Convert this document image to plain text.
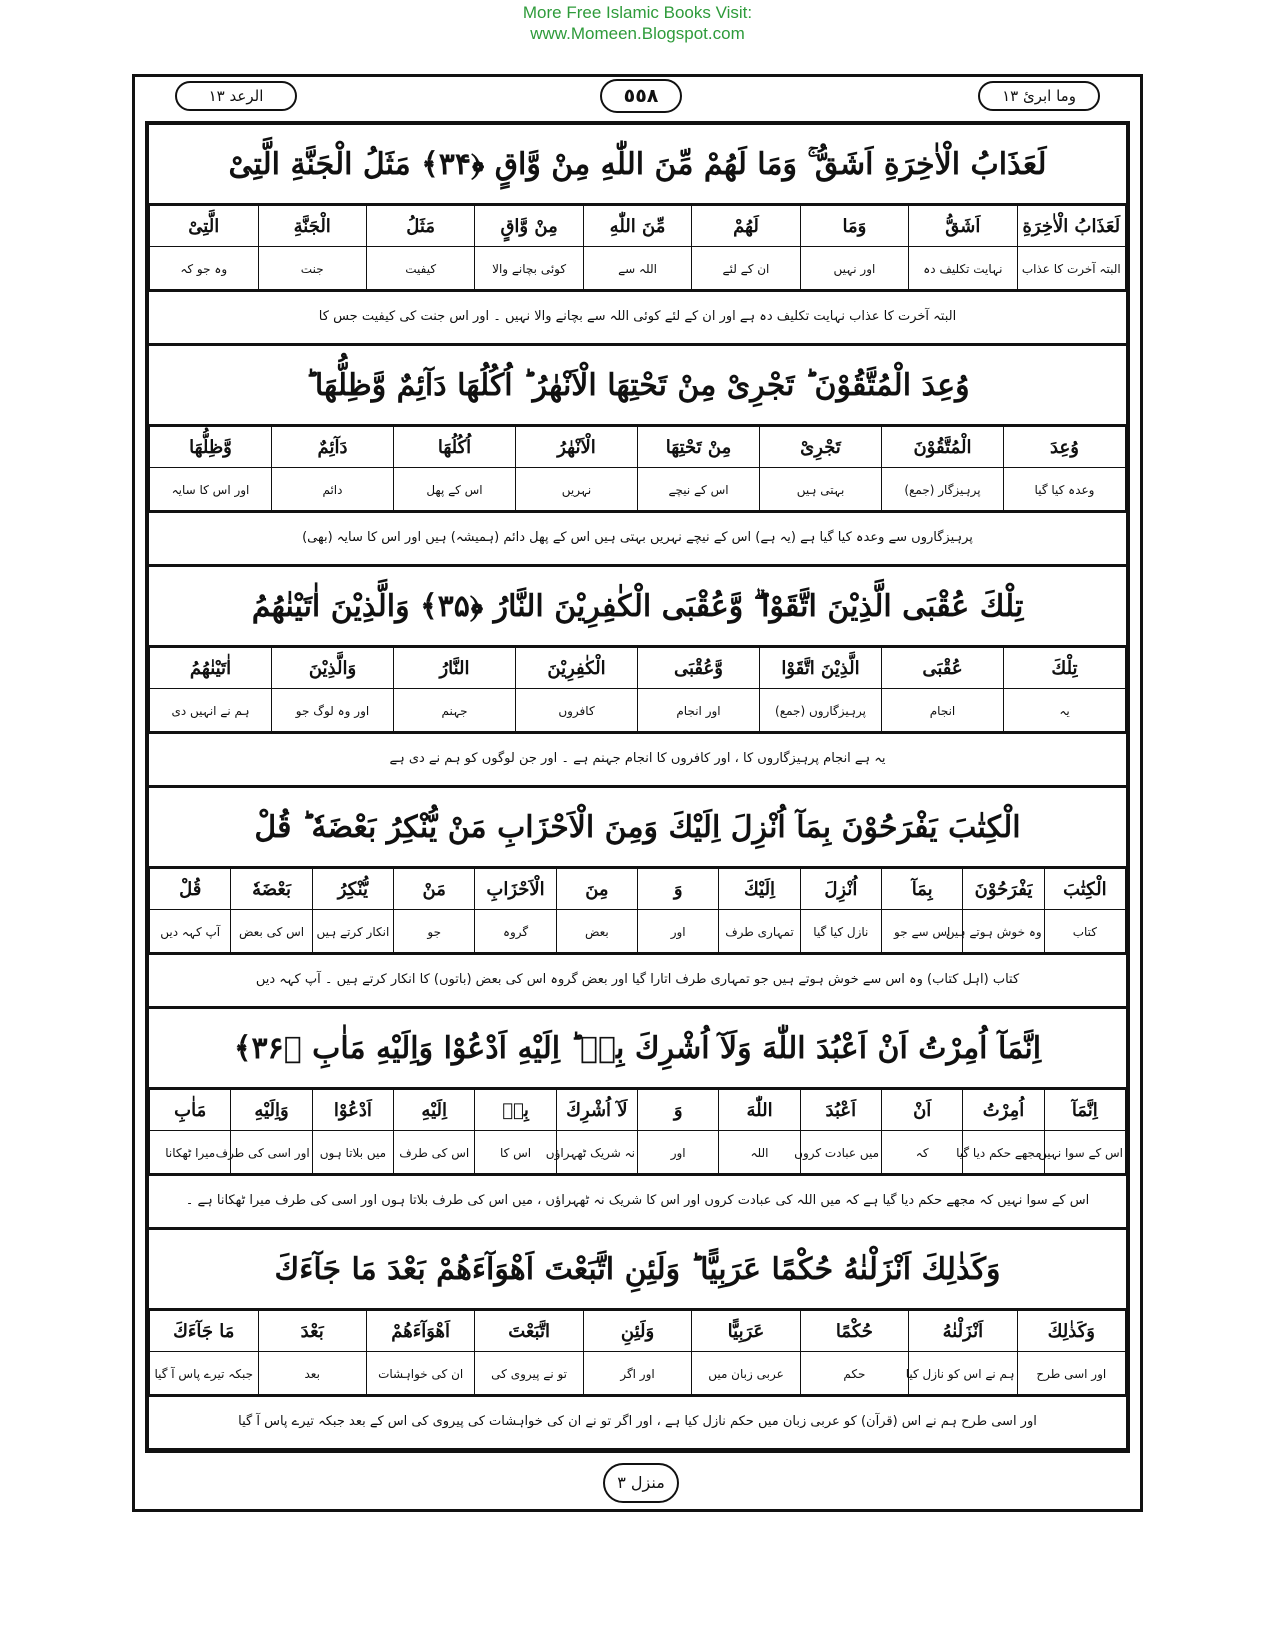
More Free Islamic Books Visit:
www.Momeen.Blogspot.com
الرعد ١٣	٥٥٨	وما ابرئ ١٣
لَعَذَابُ الْاٰخِرَةِ اَشَقُّ ۚ وَمَا لَهُمْ مِّنَ اللّٰهِ مِنْ وَّاقٍ ﴿۳۴﴾ مَثَلُ الْجَنَّةِ الَّتِىْ
لَعَذَابُ الْاٰخِرَةِ	اَشَقُّ	وَمَا	لَهُمْ	مِّنَ اللّٰهِ	مِنْ وَّاقٍ	مَثَلُ	الْجَنَّةِ	الَّتِىْ
البتہ آخرت کا عذاب	نہایت تکلیف دہ	اور نہیں	ان کے لئے	اللہ سے	کوئی بچانے والا	کیفیت	جنت	وہ جو کہ
البتہ آخرت کا عذاب نہایت تکلیف دہ ہے اور ان کے لئے کوئی اللہ سے بچانے والا نہیں ۔ اور اس جنت کی کیفیت جس کا
وُعِدَ الْمُتَّقُوْنَ ؕ تَجْرِىْ مِنْ تَحْتِهَا الْاَنْهٰرُ ؕ اُكُلُهَا دَآئِمٌ وَّظِلُّهَا ؕ
وُعِدَ	الْمُتَّقُوْنَ	تَجْرِىْ	مِنْ تَحْتِهَا	الْاَنْهٰرُ	اُكُلُهَا	دَآئِمٌ	وَّظِلُّهَا
وعدہ کیا گیا	پرہیزگار (جمع)	بہتی ہیں	اس کے نیچے	نہریں	اس کے پھل	دائم	اور اس کا سایہ
پرہیزگاروں سے وعدہ کیا گیا ہے (یہ ہے) اس کے نیچے نہریں بہتی ہیں اس کے پھل دائم (ہمیشہ) ہیں اور اس کا سایہ (بھی)
تِلْكَ عُقْبَى الَّذِيْنَ اتَّقَوْا ۖۗ وَّعُقْبَى الْكٰفِرِيْنَ النَّارُ ﴿۳۵﴾ وَالَّذِيْنَ اٰتَيْنٰهُمُ
تِلْكَ	عُقْبَى	الَّذِيْنَ اتَّقَوْا	وَّعُقْبَى	الْكٰفِرِيْنَ	النَّارُ	وَالَّذِيْنَ	اٰتَيْنٰهُمُ
یہ	انجام	پرہیزگاروں (جمع)	اور انجام	کافروں	جہنم	اور وہ لوگ جو	ہم نے انہیں دی
یہ ہے انجام پرہیزگاروں کا ، اور کافروں کا انجام جہنم ہے ۔ اور جن لوگوں کو ہم نے دی ہے
الْكِتٰبَ يَفْرَحُوْنَ بِمَآ اُنْزِلَ اِلَيْكَ وَمِنَ الْاَحْزَابِ مَنْ يُّنْكِرُ بَعْضَهٗ ؕ قُلْ
الْكِتٰبَ	يَفْرَحُوْنَ	بِمَآ	اُنْزِلَ	اِلَيْكَ	وَ	مِنَ	الْاَحْزَابِ	مَنْ	يُّنْكِرُ	بَعْضَهٗ	قُلْ
کتاب	وہ خوش ہوتے ہیں	اس سے جو	نازل کیا گیا	تمہاری طرف	اور	بعض	گروہ	جو	انکار کرتے ہیں	اس کی بعض	آپ کہہ دیں
کتاب (اہل کتاب) وہ اس سے خوش ہوتے ہیں جو تمہاری طرف اتارا گیا اور بعض گروہ اس کی بعض (باتوں) کا انکار کرتے ہیں ۔ آپ کہہ دیں
اِنَّمَآ اُمِرْتُ اَنْ اَعْبُدَ اللّٰهَ وَلَآ اُشْرِكَ بِهٖ ؕ اِلَيْهِ اَدْعُوْا وَاِلَيْهِ مَاٰبِ ﴿۳۶﴾
اِنَّمَآ	اُمِرْتُ	اَنْ	اَعْبُدَ	اللّٰهَ	وَ	لَآ اُشْرِكَ	بِهٖ	اِلَيْهِ	اَدْعُوْا	وَاِلَيْهِ	مَاٰبِ
اس کے سوا نہیں	مجھے حکم دیا گیا	کہ	میں عبادت کروں	اللہ	اور	نہ شریک ٹھہراؤں	اس کا	اس کی طرف	میں بلاتا ہوں	اور اسی کی طرف	میرا ٹھکانا
اس کے سوا نہیں کہ مجھے حکم دیا گیا ہے کہ میں اللہ کی عبادت کروں اور اس کا شریک نہ ٹھہراؤں ، میں اس کی طرف بلاتا ہوں اور اسی کی طرف میرا ٹھکانا ہے ۔
وَكَذٰلِكَ اَنْزَلْنٰهُ حُكْمًا عَرَبِيًّا ؕ وَلَئِنِ اتَّبَعْتَ اَهْوَآءَهُمْ بَعْدَ مَا جَآءَكَ
وَكَذٰلِكَ	اَنْزَلْنٰهُ	حُكْمًا	عَرَبِيًّا	وَلَئِنِ	اتَّبَعْتَ	اَهْوَآءَهُمْ	بَعْدَ	مَا جَآءَكَ
اور اسی طرح	ہم نے اس کو نازل کیا	حکم	عربی زبان میں	اور اگر	تو نے پیروی کی	ان کی خواہشات	بعد	جبکہ تیرے پاس آ گیا
اور اسی طرح ہم نے اس (قرآن) کو عربی زبان میں حکم نازل کیا ہے ، اور اگر تو نے ان کی خواہشات کی پیروی کی اس کے بعد جبکہ تیرے پاس آ گیا
منزل ۳
